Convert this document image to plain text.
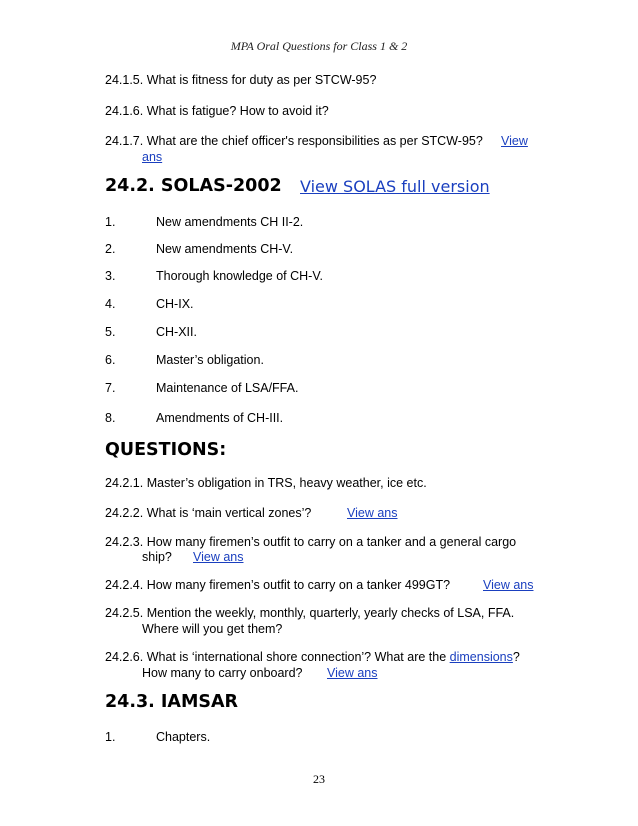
MPA Oral Questions for Class 1 & 2
24.1.5. What is fitness for duty as per STCW-95?
24.1.6. What is fatigue? How to avoid it?
24.1.7. What are the chief officer's responsibilities as per STCW-95? View
ans
24.2. SOLAS-2002 View SOLAS full version
1.	New amendments CH II-2.
2.	New amendments CH-V.
3.	Thorough knowledge of CH-V.
4.	CH-IX.
5.	CH-XII.
6.	Master’s obligation.
7.	Maintenance of LSA/FFA.
8.	Amendments of CH-III.
QUESTIONS:
24.2.1. Master’s obligation in TRS, heavy weather, ice etc.
24.2.2. What is ‘main vertical zones’?	View ans
24.2.3. How many firemen’s outfit to carry on a tanker and a general cargo
ship? View ans
24.2.4. How many firemen’s outfit to carry on a tanker 499GT?	View ans
24.2.5. Mention the weekly, monthly, quarterly, yearly checks of LSA, FFA.
Where will you get them?
24.2.6. What is ‘international shore connection’? What are the dimensions?
How many to carry onboard? View ans
24.3. IAMSAR
1.	Chapters.
23
